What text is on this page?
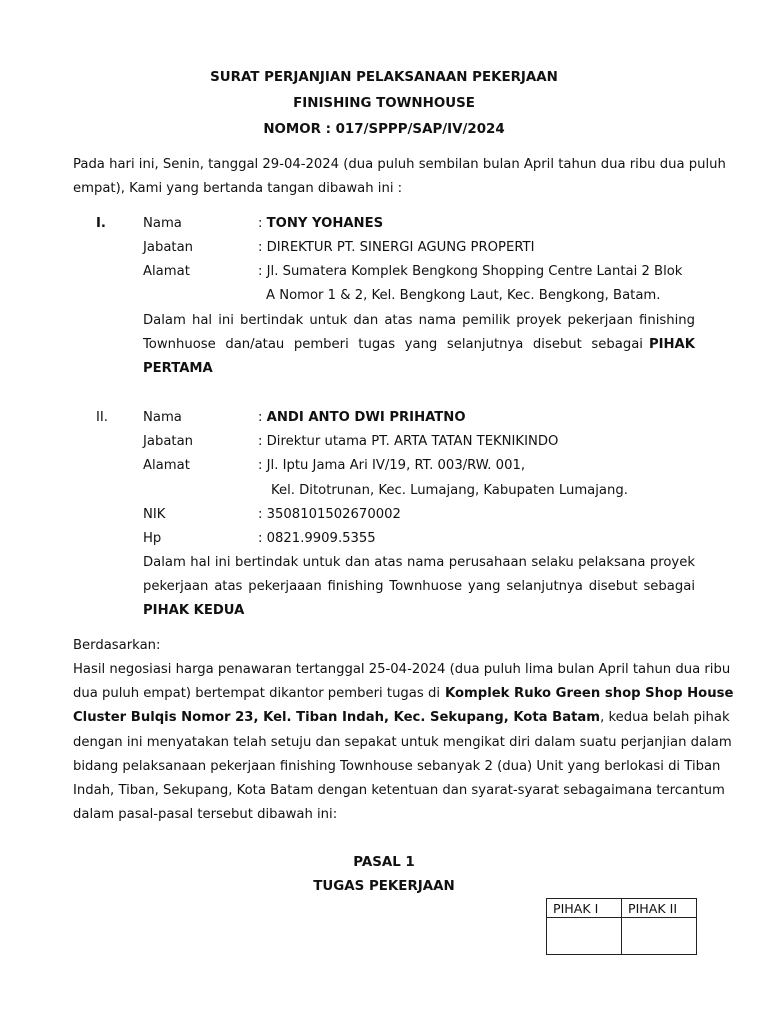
SURAT PERJANJIAN PELAKSANAAN PEKERJAAN
FINISHING TOWNHOUSE
NOMOR : 017/SPPP/SAP/IV/2024
Pada hari ini, Senin, tanggal 29-04-2024 (dua puluh sembilan bulan April tahun dua ribu dua puluh
empat), Kami yang bertanda tangan dibawah ini :
I.	Nama	: TONY YOHANES
Jabatan	: DIREKTUR PT. SINERGI AGUNG PROPERTI
Alamat	: Jl. Sumatera Komplek Bengkong Shopping Centre Lantai 2 Blok
A Nomor 1 & 2, Kel. Bengkong Laut, Kec. Bengkong, Batam.
Dalam hal ini bertindak untuk dan atas nama pemilik proyek pekerjaan finishing
Townhuose dan/atau pemberi tugas yang selanjutnya disebut sebagai PIHAK
PERTAMA
II.	Nama	: ANDI ANTO DWI PRIHATNO
Jabatan	: Direktur utama PT. ARTA TATAN TEKNIKINDO
Alamat	: Jl. Iptu Jama Ari IV/19, RT. 003/RW. 001,
Kel. Ditotrunan, Kec. Lumajang, Kabupaten Lumajang.
NIK	: 3508101502670002
Hp	: 0821.9909.5355
Dalam hal ini bertindak untuk dan atas nama perusahaan selaku pelaksana proyek
pekerjaan atas pekerjaaan finishing Townhuose yang selanjutnya disebut sebagai
PIHAK KEDUA
Berdasarkan:
Hasil negosiasi harga penawaran tertanggal 25-04-2024 (dua puluh lima bulan April tahun dua ribu
dua puluh empat) bertempat dikantor pemberi tugas di Komplek Ruko Green shop Shop House
Cluster Bulqis Nomor 23, Kel. Tiban Indah, Kec. Sekupang, Kota Batam, kedua belah pihak
dengan ini menyatakan telah setuju dan sepakat untuk mengikat diri dalam suatu perjanjian dalam
bidang pelaksanaan pekerjaan finishing Townhouse sebanyak 2 (dua) Unit yang berlokasi di Tiban
Indah, Tiban, Sekupang, Kota Batam dengan ketentuan dan syarat-syarat sebagaimana tercantum
dalam pasal-pasal tersebut dibawah ini:
PASAL 1
TUGAS PEKERJAAN
PIHAK I	PIHAK II
